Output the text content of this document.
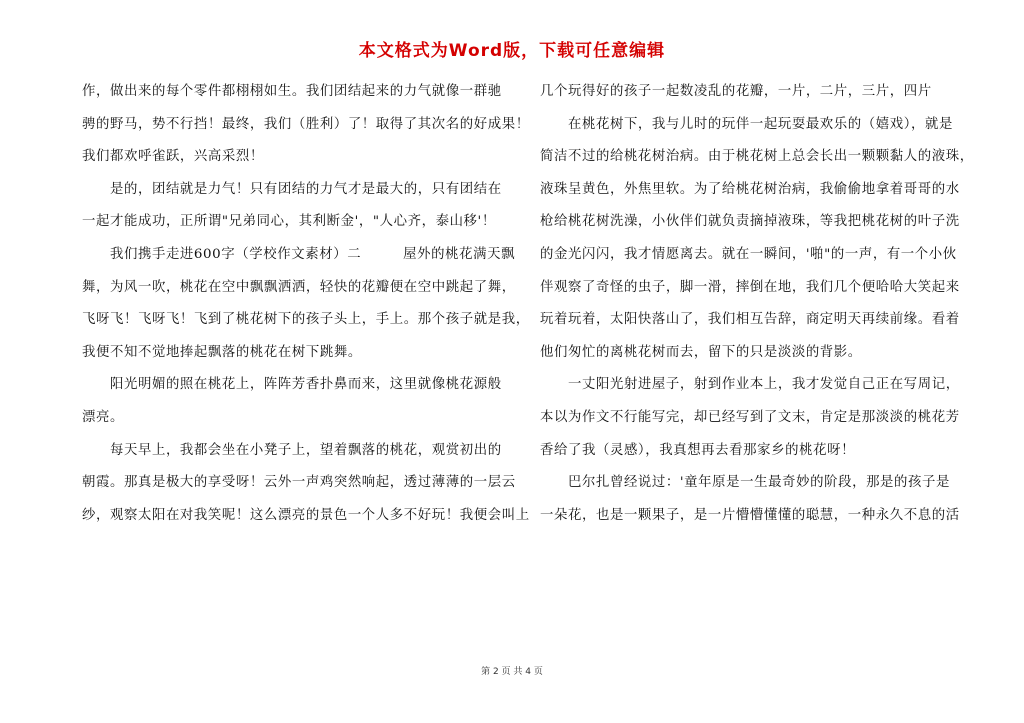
本文格式为Word版，下载可任意编辑
作，做出来的每个零件都栩栩如生。我们团结起来的力气就像一群驰
骋的野马，势不行挡！最终，我们（胜利）了！取得了其次名的好成果！
我们都欢呼雀跃，兴高采烈！
　　是的，团结就是力气！只有团结的力气才是最大的，只有团结在
一起才能成功，正所谓"兄弟同心，其利断金'，"人心齐，泰山移'！
　　我们携手走进600字（学校作文素材）二　　　屋外的桃花满天飘
舞，为风一吹，桃花在空中飘飘洒洒，轻快的花瓣便在空中跳起了舞，
飞呀飞！飞呀飞！飞到了桃花树下的孩子头上，手上。那个孩子就是我，
我便不知不觉地捧起飘落的桃花在树下跳舞。
　　阳光明媚的照在桃花上，阵阵芳香扑鼻而来，这里就像桃花源般
漂亮。
　　每天早上，我都会坐在小凳子上，望着飘落的桃花，观赏初出的
朝霞。那真是极大的享受呀！云外一声鸡突然响起，透过薄薄的一层云
纱，观察太阳在对我笑呢！这么漂亮的景色一个人多不好玩！我便会叫上
几个玩得好的孩子一起数凌乱的花瓣，一片，二片，三片，四片
　　在桃花树下，我与儿时的玩伴一起玩耍最欢乐的（嬉戏），就是
简洁不过的给桃花树治病。由于桃花树上总会长出一颗颗黏人的液珠，
液珠呈黄色，外焦里软。为了给桃花树治病，我偷偷地拿着哥哥的水
枪给桃花树洗澡，小伙伴们就负责摘掉液珠，等我把桃花树的叶子洗
的金光闪闪，我才情愿离去。就在一瞬间，'啪"的一声，有一个小伙
伴观察了奇怪的虫子，脚一滑，摔倒在地，我们几个便哈哈大笑起来
玩着玩着，太阳快落山了，我们相互告辞，商定明天再续前缘。看着
他们匆忙的离桃花树而去，留下的只是淡淡的背影。
　　一丈阳光射进屋子，射到作业本上，我才发觉自己正在写周记，
本以为作文不行能写完，却已经写到了文末，肯定是那淡淡的桃花芳
香给了我（灵感），我真想再去看那家乡的桃花呀！
　　巴尔扎曾经说过：'童年原是一生最奇妙的阶段，那是的孩子是
一朵花，也是一颗果子，是一片懵懵懂懂的聪慧，一种永久不息的活
第 2 页 共 4 页
